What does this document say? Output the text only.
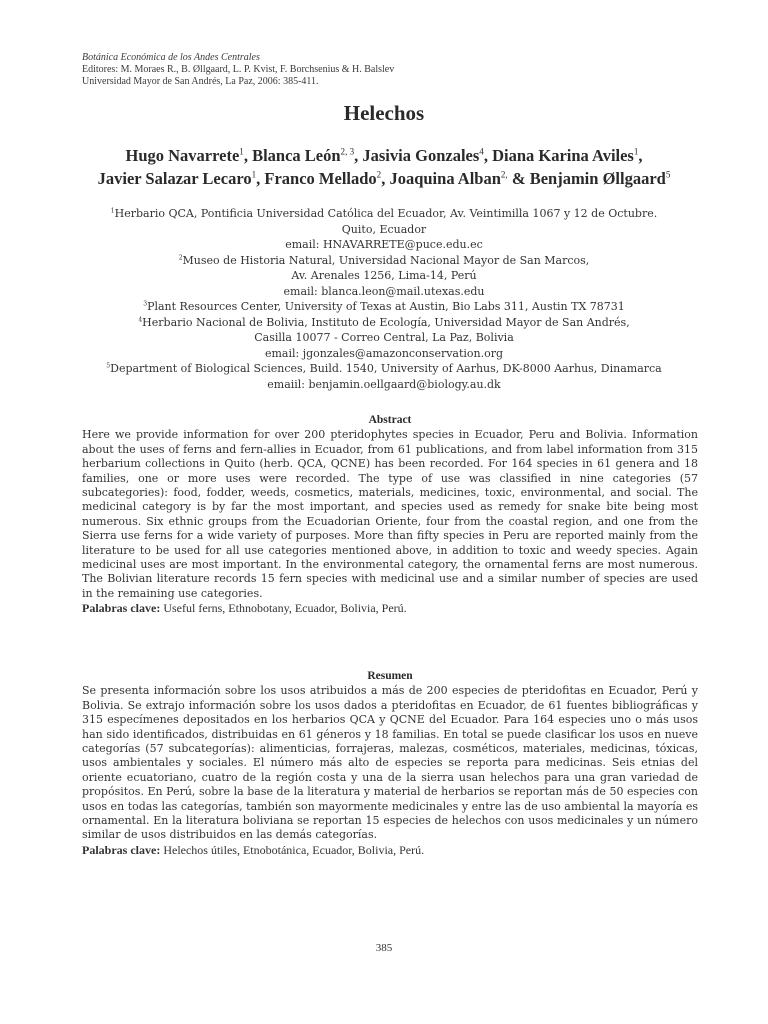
Botánica Económica de los Andes Centrales
Editores: M. Moraes R., B. Øllgaard, L. P. Kvist, F. Borchsenius & H. Balslev
Universidad Mayor de San Andrés, La Paz, 2006: 385-411.
Helechos
Hugo Navarrete$^1$, Blanca León$^{2, 3}$, Jasivia Gonzales$^4$, Diana Karina Aviles$^1$,
Javier Salazar Lecaro$^1$, Franco Mellado$^2$, Joaquina Alban$^{2,}$ & Benjamin Øllgaard$^5$
$^1$Herbario QCA, Pontificia Universidad Católica del Ecuador, Av. Veintimilla 1067 y 12 de Octubre.
Quito, Ecuador
email: HNAVARRETE@puce.edu.ec
$^2$Museo de Historia Natural, Universidad Nacional Mayor de San Marcos,
Av. Arenales 1256, Lima-14, Perú
email: blanca.leon@mail.utexas.edu
$^3$Plant Resources Center, University of Texas at Austin, Bio Labs 311, Austin TX 78731
$^4$Herbario Nacional de Bolivia, Instituto de Ecología, Universidad Mayor de San Andrés,
Casilla 10077 - Correo Central, La Paz, Bolivia
email: jgonzales@amazonconservation.org
$^5$Department of Biological Sciences, Build. 1540, University of Aarhus, DK-8000 Aarhus, Dinamarca
emaiil: benjamin.oellgaard@biology.au.dk
Abstract
Here we provide information for over 200 pteridophytes species in Ecuador, Peru and Bolivia. Information about the uses of ferns and fern-allies in Ecuador, from 61 publications, and from label information from 315 herbarium collections in Quito (herb. QCA, QCNE) has been recorded. For 164 species in 61 genera and 18 families, one or more uses were recorded. The type of use was classified in nine categories (57 subcategories): food, fodder, weeds, cosmetics, materials, medicines, toxic, environmental, and social. The medicinal category is by far the most important, and species used as remedy for snake bite being most numerous. Six ethnic groups from the Ecuadorian Oriente, four from the coastal region, and one from the Sierra use ferns for a wide variety of purposes. More than fifty species in Peru are reported mainly from the literature to be used for all use categories mentioned above, in addition to toxic and weedy species. Again medicinal uses are most important. In the environmental category, the ornamental ferns are most numerous. The Bolivian literature records 15 fern species with medicinal use and a similar number of species are used in the remaining use categories.
Palabras clave: Useful ferns, Ethnobotany, Ecuador, Bolivia, Perú.
Resumen
Se presenta información sobre los usos atribuidos a más de 200 especies de pteridofitas en Ecuador, Perú y Bolivia. Se extrajo información sobre los usos dados a pteridofitas en Ecuador, de 61 fuentes bibliográficas y 315 especímenes depositados en los herbarios QCA y QCNE del Ecuador. Para 164 especies uno o más usos han sido identificados, distribuidas en 61 géneros y 18 familias. En total se puede clasificar los usos en nueve categorías (57 subcategorías): alimenticias, forrajeras, malezas, cosméticos, materiales, medicinas, tóxicas, usos ambientales y sociales. El número más alto de especies se reporta para medicinas. Seis etnias del oriente ecuatoriano, cuatro de la región costa y una de la sierra usan helechos para una gran variedad de propósitos. En Perú, sobre la base de la literatura y material de herbarios se reportan más de 50 especies con usos en todas las categorías, también son mayormente medicinales y entre las de uso ambiental la mayoría es ornamental. En la literatura boliviana se reportan 15 especies de helechos con usos medicinales y un número similar de usos distribuidos en las demás categorías.
Palabras clave: Helechos útiles, Etnobotánica, Ecuador, Bolivia, Perú.
385
